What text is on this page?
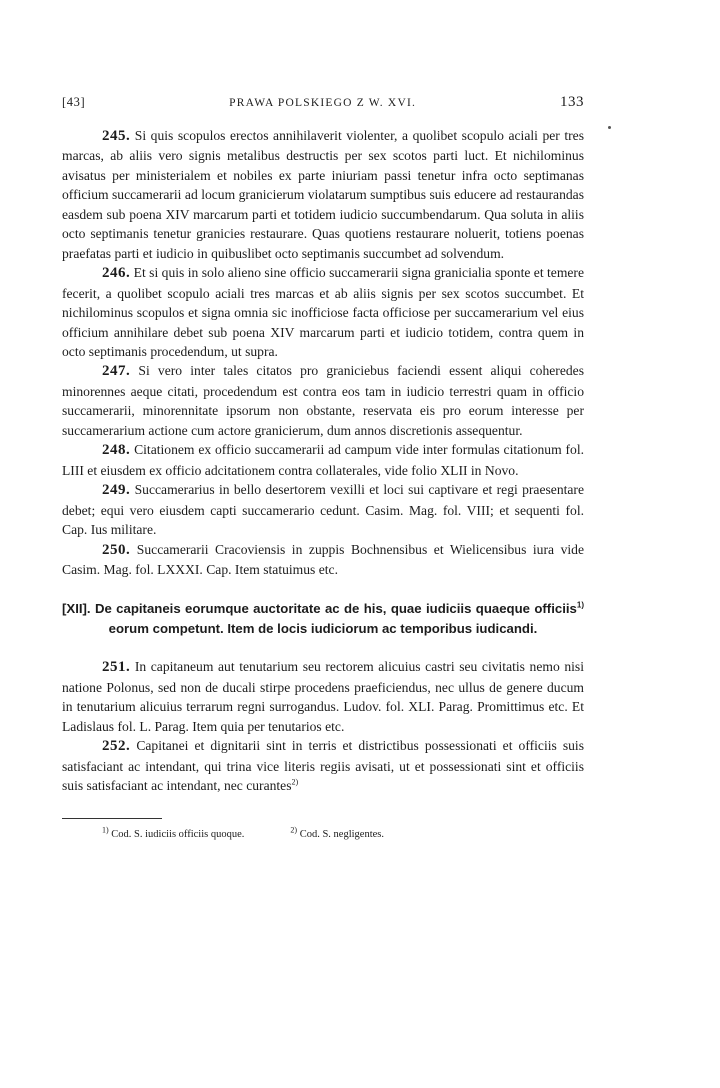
[43]	PRAWA POLSKIEGO Z W. XVI.	133

245. Si quis scopulos erectos annihilaverit violenter, a quolibet scopulo aciali per tres marcas, ab aliis vero signis metalibus destructis per sex scotos parti luct. Et nichilominus avisatus per ministerialem et nobiles ex parte iniuriam passi tenetur infra octo septimanas officium succamerarii ad locum granicierum violatarum sumptibus suis educere ad restaurandas easdem sub poena XIV marcarum parti et totidem iudicio succumbendarum. Qua soluta in aliis octo septimanis tenetur granicies restaurare. Quas quotiens restaurare noluerit, totiens poenas praefatas parti et iudicio in quibuslibet octo septimanis succumbet ad solvendum.

246. Et si quis in solo alieno sine officio succamerarii signa granicialia sponte et temere fecerit, a quolibet scopulo aciali tres marcas et ab aliis signis per sex scotos succumbet. Et nichilominus scopulos et signa omnia sic inofficiose facta officiose per succamerarium vel eius officium annihilare debet sub poena XIV marcarum parti et iudicio totidem, contra quem in octo septimanis procedendum, ut supra.

247. Si vero inter tales citatos pro graniciebus faciendi essent aliqui coheredes minorennes aeque citati, procedendum est contra eos tam in iudicio terrestri quam in officio succamerarii, minorennitate ipsorum non obstante, reservata eis pro eorum interesse per succamerarium actione cum actore granicierum, dum annos discretionis assequentur.

248. Citationem ex officio succamerarii ad campum vide inter formulas citationum fol. LIII et eiusdem ex officio adcitationem contra collaterales, vide folio XLII in Novo.

249. Succamerarius in bello desertorem vexilli et loci sui captivare et regi praesentare debet; equi vero eiusdem capti succamerario cedunt. Casim. Mag. fol. VIII; et sequenti fol. Cap. Ius militare.

250. Succamerarii Cracoviensis in zuppis Bochnensibus et Wielicensibus iura vide Casim. Mag. fol. LXXXI. Cap. Item statuimus etc.

[XII]. De capitaneis eorumque auctoritate ac de his, quae iudiciis quaeque officiis$^{1)}$ eorum competunt. Item de locis iudiciorum ac temporibus iudicandi.

251. In capitaneum aut tenutarium seu rectorem alicuius castri seu civitatis nemo nisi natione Polonus, sed non de ducali stirpe procedens praeficiendus, nec ullus de genere ducum in tenutarium alicuius terrarum regni surrogandus. Ludov. fol. XLI. Parag. Promittimus etc. Et Ladislaus fol. L. Parag. Item quia per tenutarios etc.

252. Capitanei et dignitarii sint in terris et districtibus possessionati et officiis suis satisfaciant ac intendant, qui trina vice literis regiis avisati, ut et possessionati sint et officiis suis satisfaciant ac intendant, nec curantes$^{2)}$

$^{1)}$ Cod. S. iudiciis officiis quoque.	$^{2)}$ Cod. S. negligentes.
